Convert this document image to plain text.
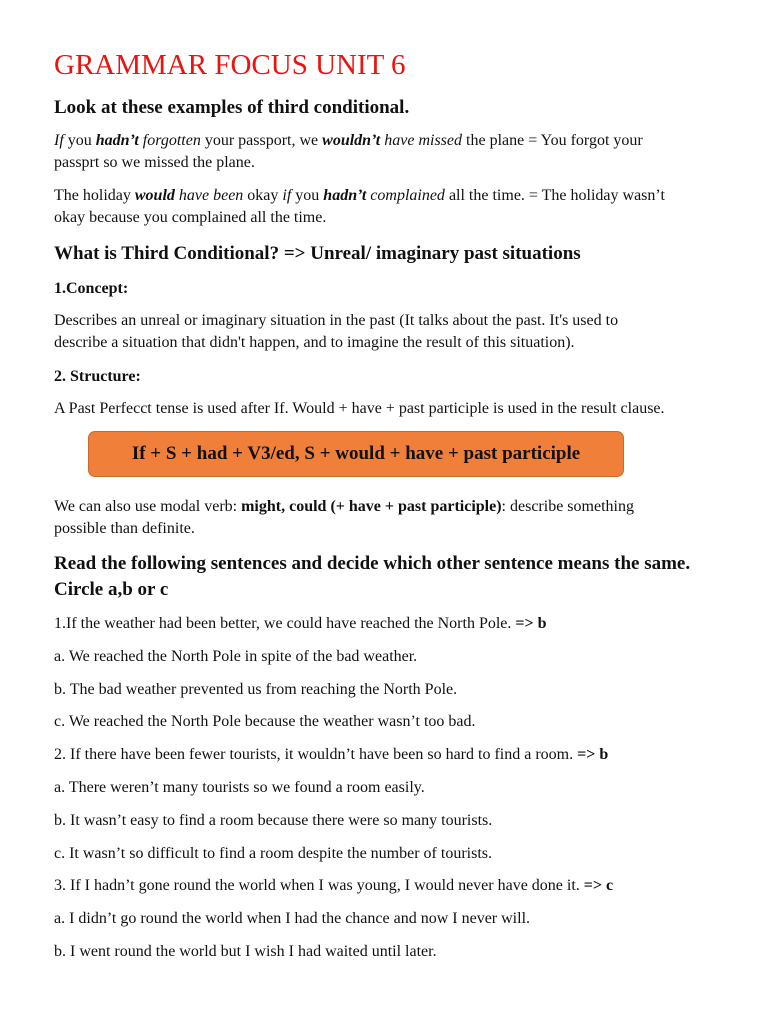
GRAMMAR FOCUS UNIT 6
Look at these examples of third conditional.
If you hadn’t forgotten your passport, we wouldn’t have missed the plane = You forgot your
passprt so we missed the plane.
The holiday would have been okay if you hadn’t complained all the time. = The holiday wasn’t
okay because you complained all the time.
What is Third Conditional? => Unreal/ imaginary past situations
1.Concept:
Describes an unreal or imaginary situation in the past (It talks about the past. It's used to
describe a situation that didn't happen, and to imagine the result of this situation).
2. Structure:
A Past Perfecct tense is used after If. Would + have + past participle is used in the result clause.
If + S + had + V3/ed, S + would + have + past participle
We can also use modal verb: might, could (+ have + past participle): describe something
possible than definite.
Read the following sentences and decide which other sentence means the same.
Circle a,b or c
1.If the weather had been better, we could have reached the North Pole. => b
a. We reached the North Pole in spite of the bad weather.
b. The bad weather prevented us from reaching the North Pole.
c. We reached the North Pole because the weather wasn’t too bad.
2. If there have been fewer tourists, it wouldn’t have been so hard to find a room. => b
a. There weren’t many tourists so we found a room easily.
b. It wasn’t easy to find a room because there were so many tourists.
c. It wasn’t so difficult to find a room despite the number of tourists.
3. If I hadn’t gone round the world when I was young, I would never have done it. => c
a. I didn’t go round the world when I had the chance and now I never will.
b. I went round the world but I wish I had waited until later.
